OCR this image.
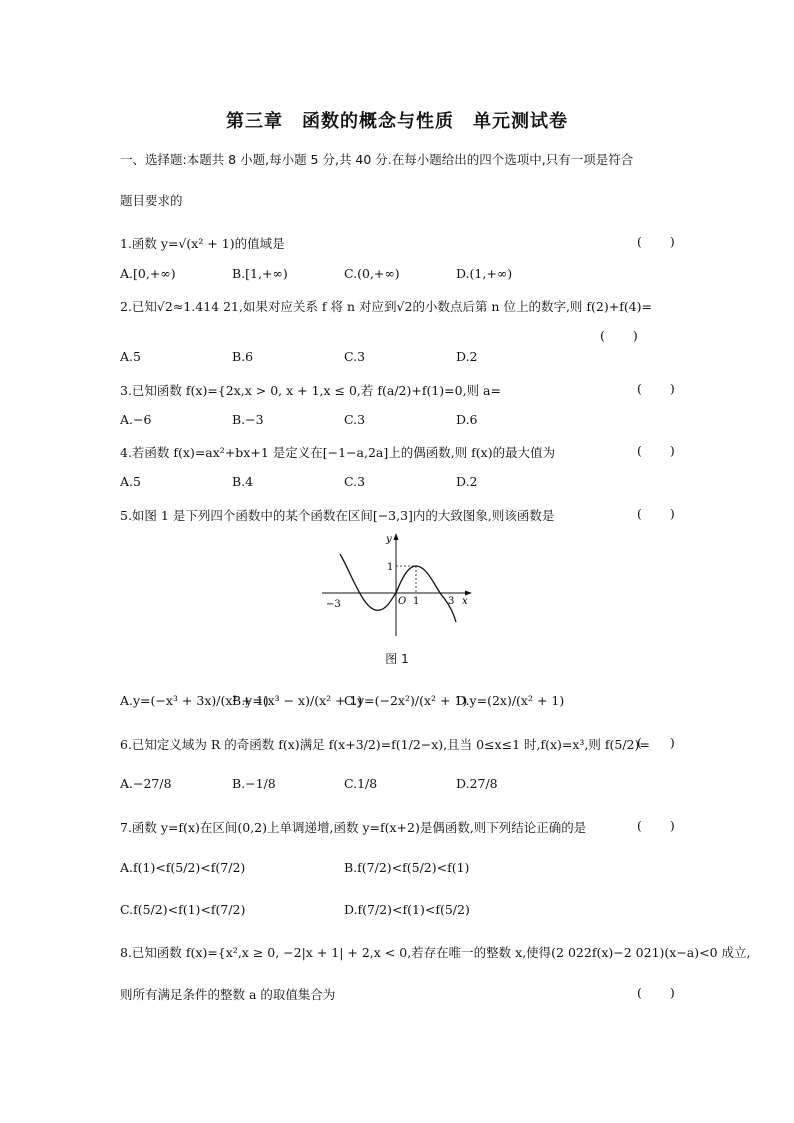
第三章　函数的概念与性质　单元测试卷
一、选择题:本题共 8 小题,每小题 5 分,共 40 分.在每小题给出的四个选项中,只有一项是符合
题目要求的
1.函数 y=√(x² + 1)的值域是	( )
A.[0,+∞)	B.[1,+∞)	C.(0,+∞)	D.(1,+∞)
2.已知√2≈1.414 21,如果对应关系 f 将 n 对应到√2的小数点后第 n 位上的数字,则 f(2)+f(4)=
( )
A.5	B.6	C.3	D.2
3.已知函数 f(x)={2x,x > 0, x + 1,x ≤ 0,若 f(a/2)+f(1)=0,则 a=	( )
A.−6	B.−3	C.3	D.6
4.若函数 f(x)=ax²+bx+1 是定义在[−1−a,2a]上的偶函数,则 f(x)的最大值为	( )
A.5	B.4	C.3	D.2
5.如图 1 是下列四个函数中的某个函数在区间[−3,3]内的大致图象,则该函数是	( )
−3	O 1	3 x
1
y
图 1
A.y=(−x³ + 3x)/(x² + 1)
B.y=(x³ − x)/(x² + 1)
C.y=(−2x²)/(x² + 1)
D.y=(2x)/(x² + 1)
6.已知定义域为 R 的奇函数 f(x)满足 f(x+3/2)=f(1/2−x),且当 0≤x≤1 时,f(x)=x³,则 f(5/2)=
( )
A.−27/8	B.−1/8	C.1/8	D.27/8
7.函数 y=f(x)在区间(0,2)上单调递增,函数 y=f(x+2)是偶函数,则下列结论正确的是	( )
A.f(1)<f(5/2)<f(7/2)	B.f(7/2)<f(5/2)<f(1)
C.f(5/2)<f(1)<f(7/2)	D.f(7/2)<f(1)<f(5/2)
8.已知函数 f(x)={x²,x ≥ 0, −2|x + 1| + 2,x < 0,若存在唯一的整数 x,使得(2 022f(x)−2 021)(x−a)<0 成立,
则所有满足条件的整数 a 的取值集合为	( )
